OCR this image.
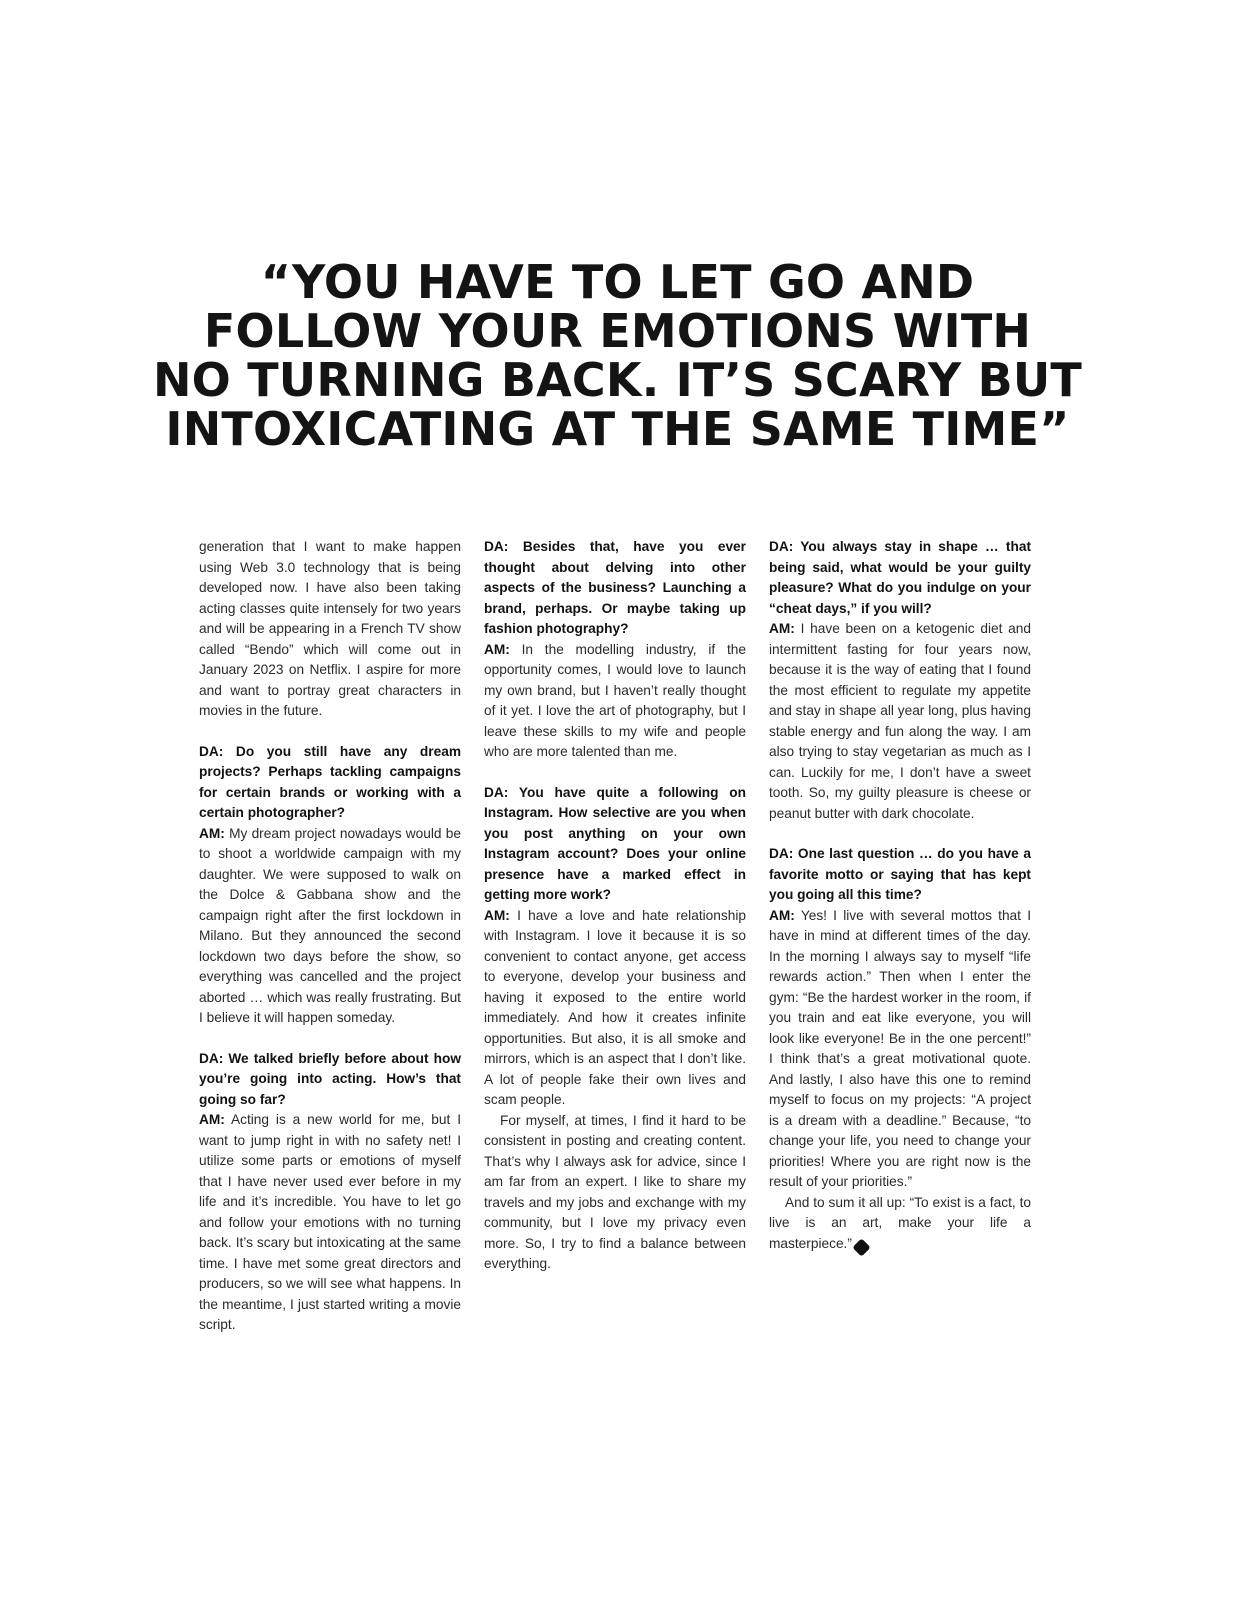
“YOU HAVE TO LET GO AND
FOLLOW YOUR EMOTIONS WITH
NO TURNING BACK. IT’S SCARY BUT
INTOXICATING AT THE SAME TIME”

generation that I want to make happen using Web 3.0 technology that is being developed now. I have also been taking acting classes quite intensely for two years and will be appearing in a French TV show called “Bendo” which will come out in January 2023 on Netflix. I aspire for more and want to portray great characters in movies in the future.

DA: Do you still have any dream projects? Perhaps tackling campaigns for certain brands or working with a certain photographer?

AM: My dream project nowadays would be to shoot a worldwide campaign with my daughter. We were supposed to walk on the Dolce & Gabbana show and the campaign right after the first lockdown in Milano. But they announced the second lockdown two days before the show, so everything was cancelled and the project aborted … which was really frustrating. But I believe it will happen someday.

DA: We talked briefly before about how you’re going into acting. How’s that going so far?

AM: Acting is a new world for me, but I want to jump right in with no safety net! I utilize some parts or emotions of myself that I have never used ever before in my life and it’s incredible. You have to let go and follow your emotions with no turning back. It’s scary but intoxicating at the same time. I have met some great directors and producers, so we will see what happens. In the meantime, I just started writing a movie script.

DA: Besides that, have you ever thought about delving into other aspects of the business? Launching a brand, perhaps. Or maybe taking up fashion photography?

AM: In the modelling industry, if the opportunity comes, I would love to launch my own brand, but I haven’t really thought of it yet. I love the art of photography, but I leave these skills to my wife and people who are more talented than me.

DA: You have quite a following on Instagram. How selective are you when you post anything on your own Instagram account? Does your online presence have a marked effect in getting more work?

AM: I have a love and hate relationship with Instagram. I love it because it is so convenient to contact anyone, get access to everyone, develop your business and having it exposed to the entire world immediately. And how it creates infinite opportunities. But also, it is all smoke and mirrors, which is an aspect that I don’t like. A lot of people fake their own lives and scam people.

For myself, at times, I find it hard to be consistent in posting and creating content. That’s why I always ask for advice, since I am far from an expert. I like to share my travels and my jobs and exchange with my community, but I love my privacy even more. So, I try to find a balance between everything.

DA: You always stay in shape … that being said, what would be your guilty pleasure? What do you indulge on your “cheat days,” if you will?

AM: I have been on a ketogenic diet and intermittent fasting for four years now, because it is the way of eating that I found the most efficient to regulate my appetite and stay in shape all year long, plus having stable energy and fun along the way. I am also trying to stay vegetarian as much as I can. Luckily for me, I don’t have a sweet tooth. So, my guilty pleasure is cheese or peanut butter with dark chocolate.

DA: One last question … do you have a favorite motto or saying that has kept you going all this time?

AM: Yes! I live with several mottos that I have in mind at different times of the day. In the morning I always say to myself “life rewards action.” Then when I enter the gym: “Be the hardest worker in the room, if you train and eat like everyone, you will look like everyone! Be in the one percent!” I think that’s a great motivational quote. And lastly, I also have this one to remind myself to focus on my projects: “A project is a dream with a deadline.” Because, “to change your life, you need to change your priorities! Where you are right now is the result of your priorities.”

And to sum it all up: “To exist is a fact, to live is an art, make your life a masterpiece.”	DA
